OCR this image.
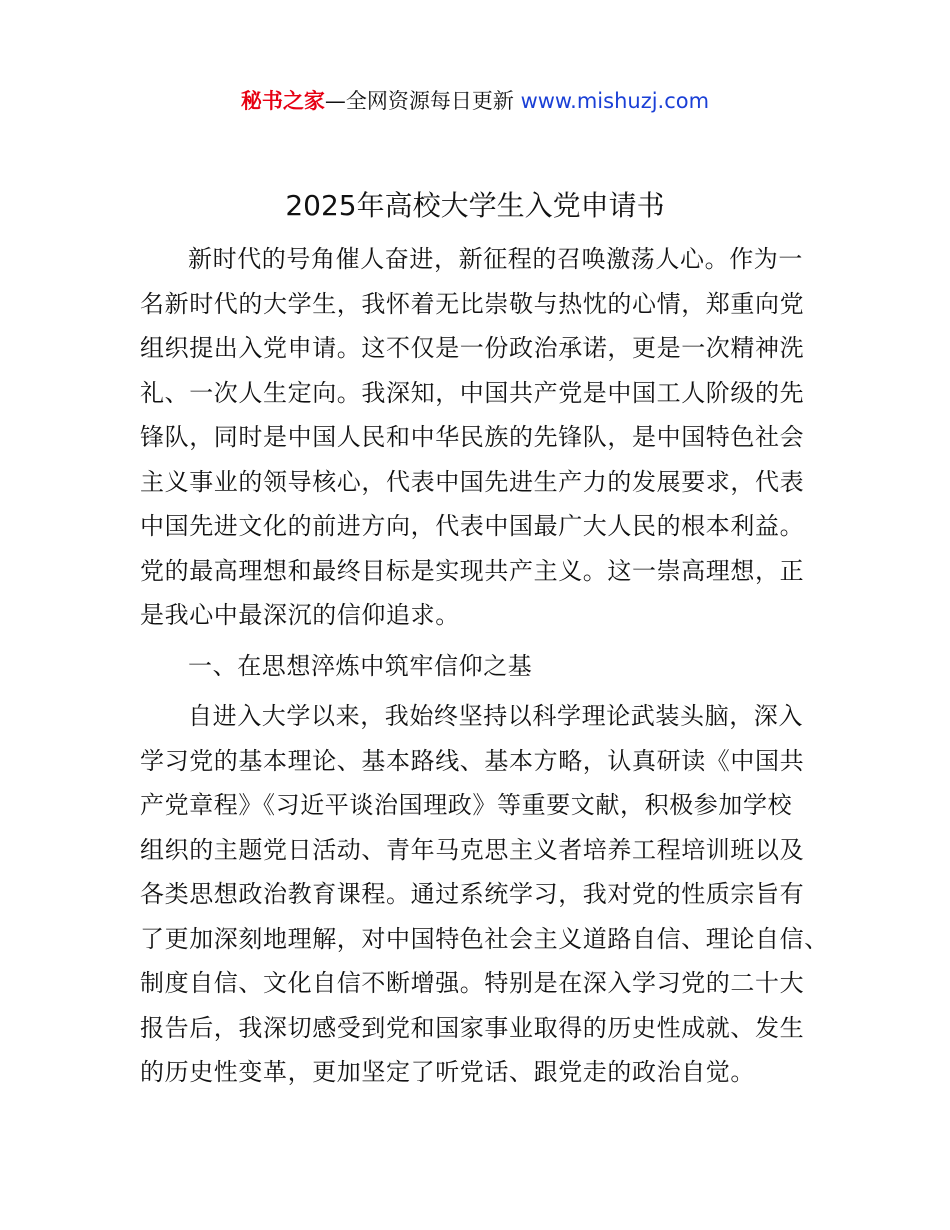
秘书之家—全网资源每日更新 www.mishuzj.com
2025年高校大学生入党申请书
新时代的号角催人奋进，新征程的召唤激荡人心。作为一
名新时代的大学生，我怀着无比崇敬与热忱的心情，郑重向党
组织提出入党申请。这不仅是一份政治承诺，更是一次精神洗
礼、一次人生定向。我深知，中国共产党是中国工人阶级的先
锋队，同时是中国人民和中华民族的先锋队，是中国特色社会
主义事业的领导核心，代表中国先进生产力的发展要求，代表
中国先进文化的前进方向，代表中国最广大人民的根本利益。
党的最高理想和最终目标是实现共产主义。这一崇高理想，正
是我心中最深沉的信仰追求。
一、在思想淬炼中筑牢信仰之基
自进入大学以来，我始终坚持以科学理论武装头脑，深入
学习党的基本理论、基本路线、基本方略，认真研读《中国共
产党章程》《习近平谈治国理政》等重要文献，积极参加学校
组织的主题党日活动、青年马克思主义者培养工程培训班以及
各类思想政治教育课程。通过系统学习，我对党的性质宗旨有
了更加深刻地理解，对中国特色社会主义道路自信、理论自信、
制度自信、文化自信不断增强。特别是在深入学习党的二十大
报告后，我深切感受到党和国家事业取得的历史性成就、发生
的历史性变革，更加坚定了听党话、跟党走的政治自觉。
